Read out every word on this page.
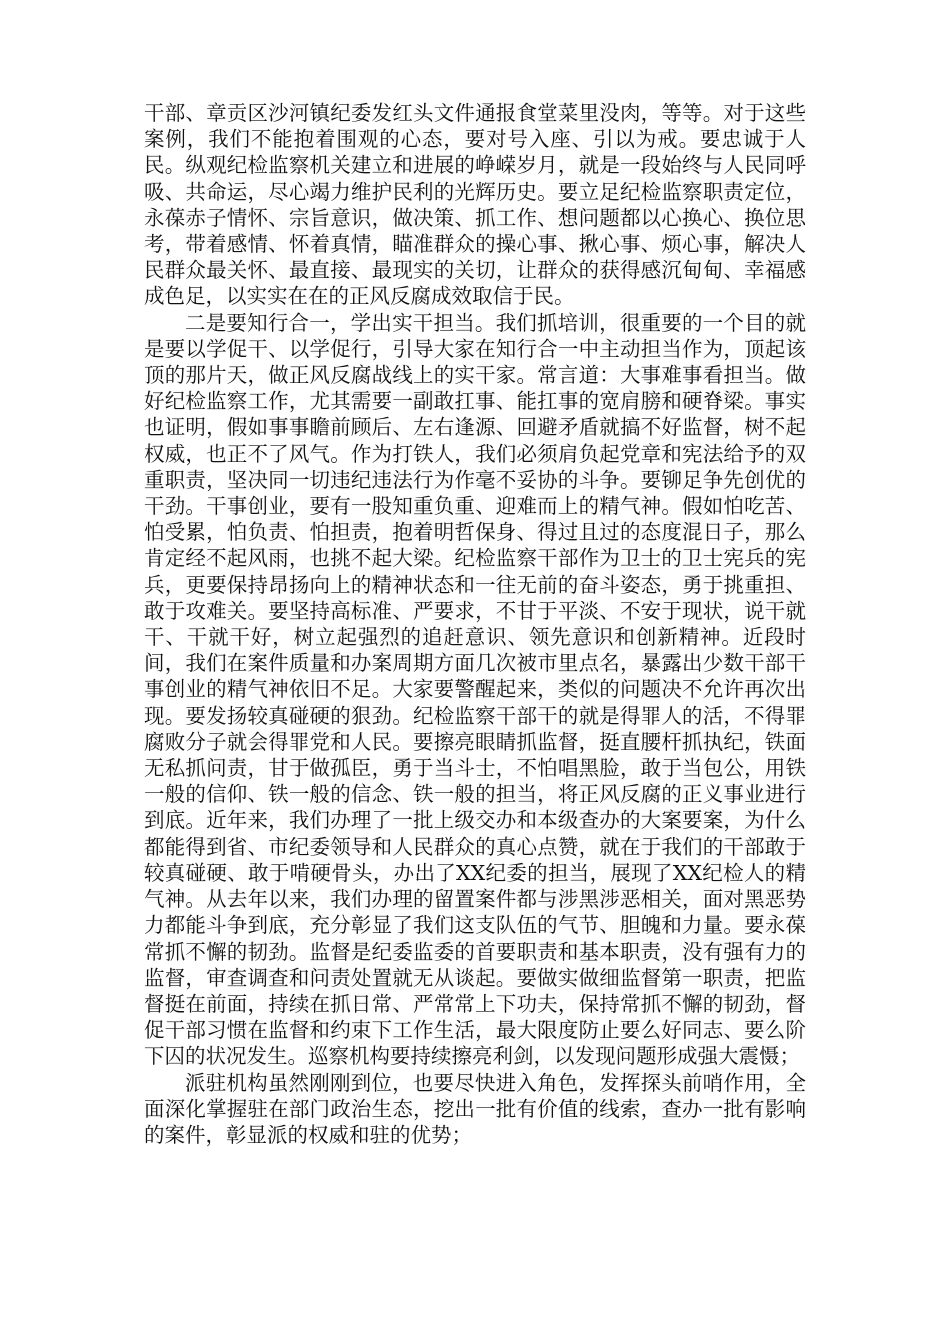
干部、章贡区沙河镇纪委发红头文件通报食堂菜里没肉，等等。对于这些案例，我们不能抱着围观的心态，要对号入座、引以为戒。要忠诚于人民。纵观纪检监察机关建立和进展的峥嵘岁月，就是一段始终与人民同呼吸、共命运，尽心竭力维护民利的光辉历史。要立足纪检监察职责定位，永葆赤子情怀、宗旨意识，做决策、抓工作、想问题都以心换心、换位思考，带着感情、怀着真情，瞄准群众的操心事、揪心事、烦心事，解决人民群众最关怀、最直接、最现实的关切，让群众的获得感沉甸甸、幸福感成色足，以实实在在的正风反腐成效取信于民。

二是要知行合一，学出实干担当。我们抓培训，很重要的一个目的就是要以学促干、以学促行，引导大家在知行合一中主动担当作为，顶起该顶的那片天，做正风反腐战线上的实干家。常言道：大事难事看担当。做好纪检监察工作，尤其需要一副敢扛事、能扛事的宽肩膀和硬脊梁。事实也证明，假如事事瞻前顾后、左右逢源、回避矛盾就搞不好监督，树不起权威，也正不了风气。作为打铁人，我们必须肩负起党章和宪法给予的双重职责，坚决同一切违纪违法行为作毫不妥协的斗争。要铆足争先创优的干劲。干事创业，要有一股知重负重、迎难而上的精气神。假如怕吃苦、怕受累，怕负责、怕担责，抱着明哲保身、得过且过的态度混日子，那么肯定经不起风雨，也挑不起大梁。纪检监察干部作为卫士的卫士宪兵的宪兵，更要保持昂扬向上的精神状态和一往无前的奋斗姿态，勇于挑重担、敢于攻难关。要坚持高标准、严要求，不甘于平淡、不安于现状，说干就干、干就干好，树立起强烈的追赶意识、领先意识和创新精神。近段时间，我们在案件质量和办案周期方面几次被市里点名，暴露出少数干部干事创业的精气神依旧不足。大家要警醒起来，类似的问题决不允许再次出现。要发扬较真碰硬的狠劲。纪检监察干部干的就是得罪人的活，不得罪腐败分子就会得罪党和人民。要擦亮眼睛抓监督，挺直腰杆抓执纪，铁面无私抓问责，甘于做孤臣，勇于当斗士，不怕唱黑脸，敢于当包公，用铁一般的信仰、铁一般的信念、铁一般的担当，将正风反腐的正义事业进行到底。近年来，我们办理了一批上级交办和本级查办的大案要案，为什么都能得到省、市纪委领导和人民群众的真心点赞，就在于我们的干部敢于较真碰硬、敢于啃硬骨头，办出了XX纪委的担当，展现了XX纪检人的精气神。从去年以来，我们办理的留置案件都与涉黑涉恶相关，面对黑恶势力都能斗争到底，充分彰显了我们这支队伍的气节、胆魄和力量。要永葆常抓不懈的韧劲。监督是纪委监委的首要职责和基本职责，没有强有力的监督，审查调查和问责处置就无从谈起。要做实做细监督第一职责，把监督挺在前面，持续在抓日常、严常常上下功夫，保持常抓不懈的韧劲，督促干部习惯在监督和约束下工作生活，最大限度防止要么好同志、要么阶下囚的状况发生。巡察机构要持续擦亮利剑，以发现问题形成强大震慑；

派驻机构虽然刚刚到位，也要尽快进入角色，发挥探头前哨作用，全面深化掌握驻在部门政治生态，挖出一批有价值的线索，查办一批有影响的案件，彰显派的权威和驻的优势；
